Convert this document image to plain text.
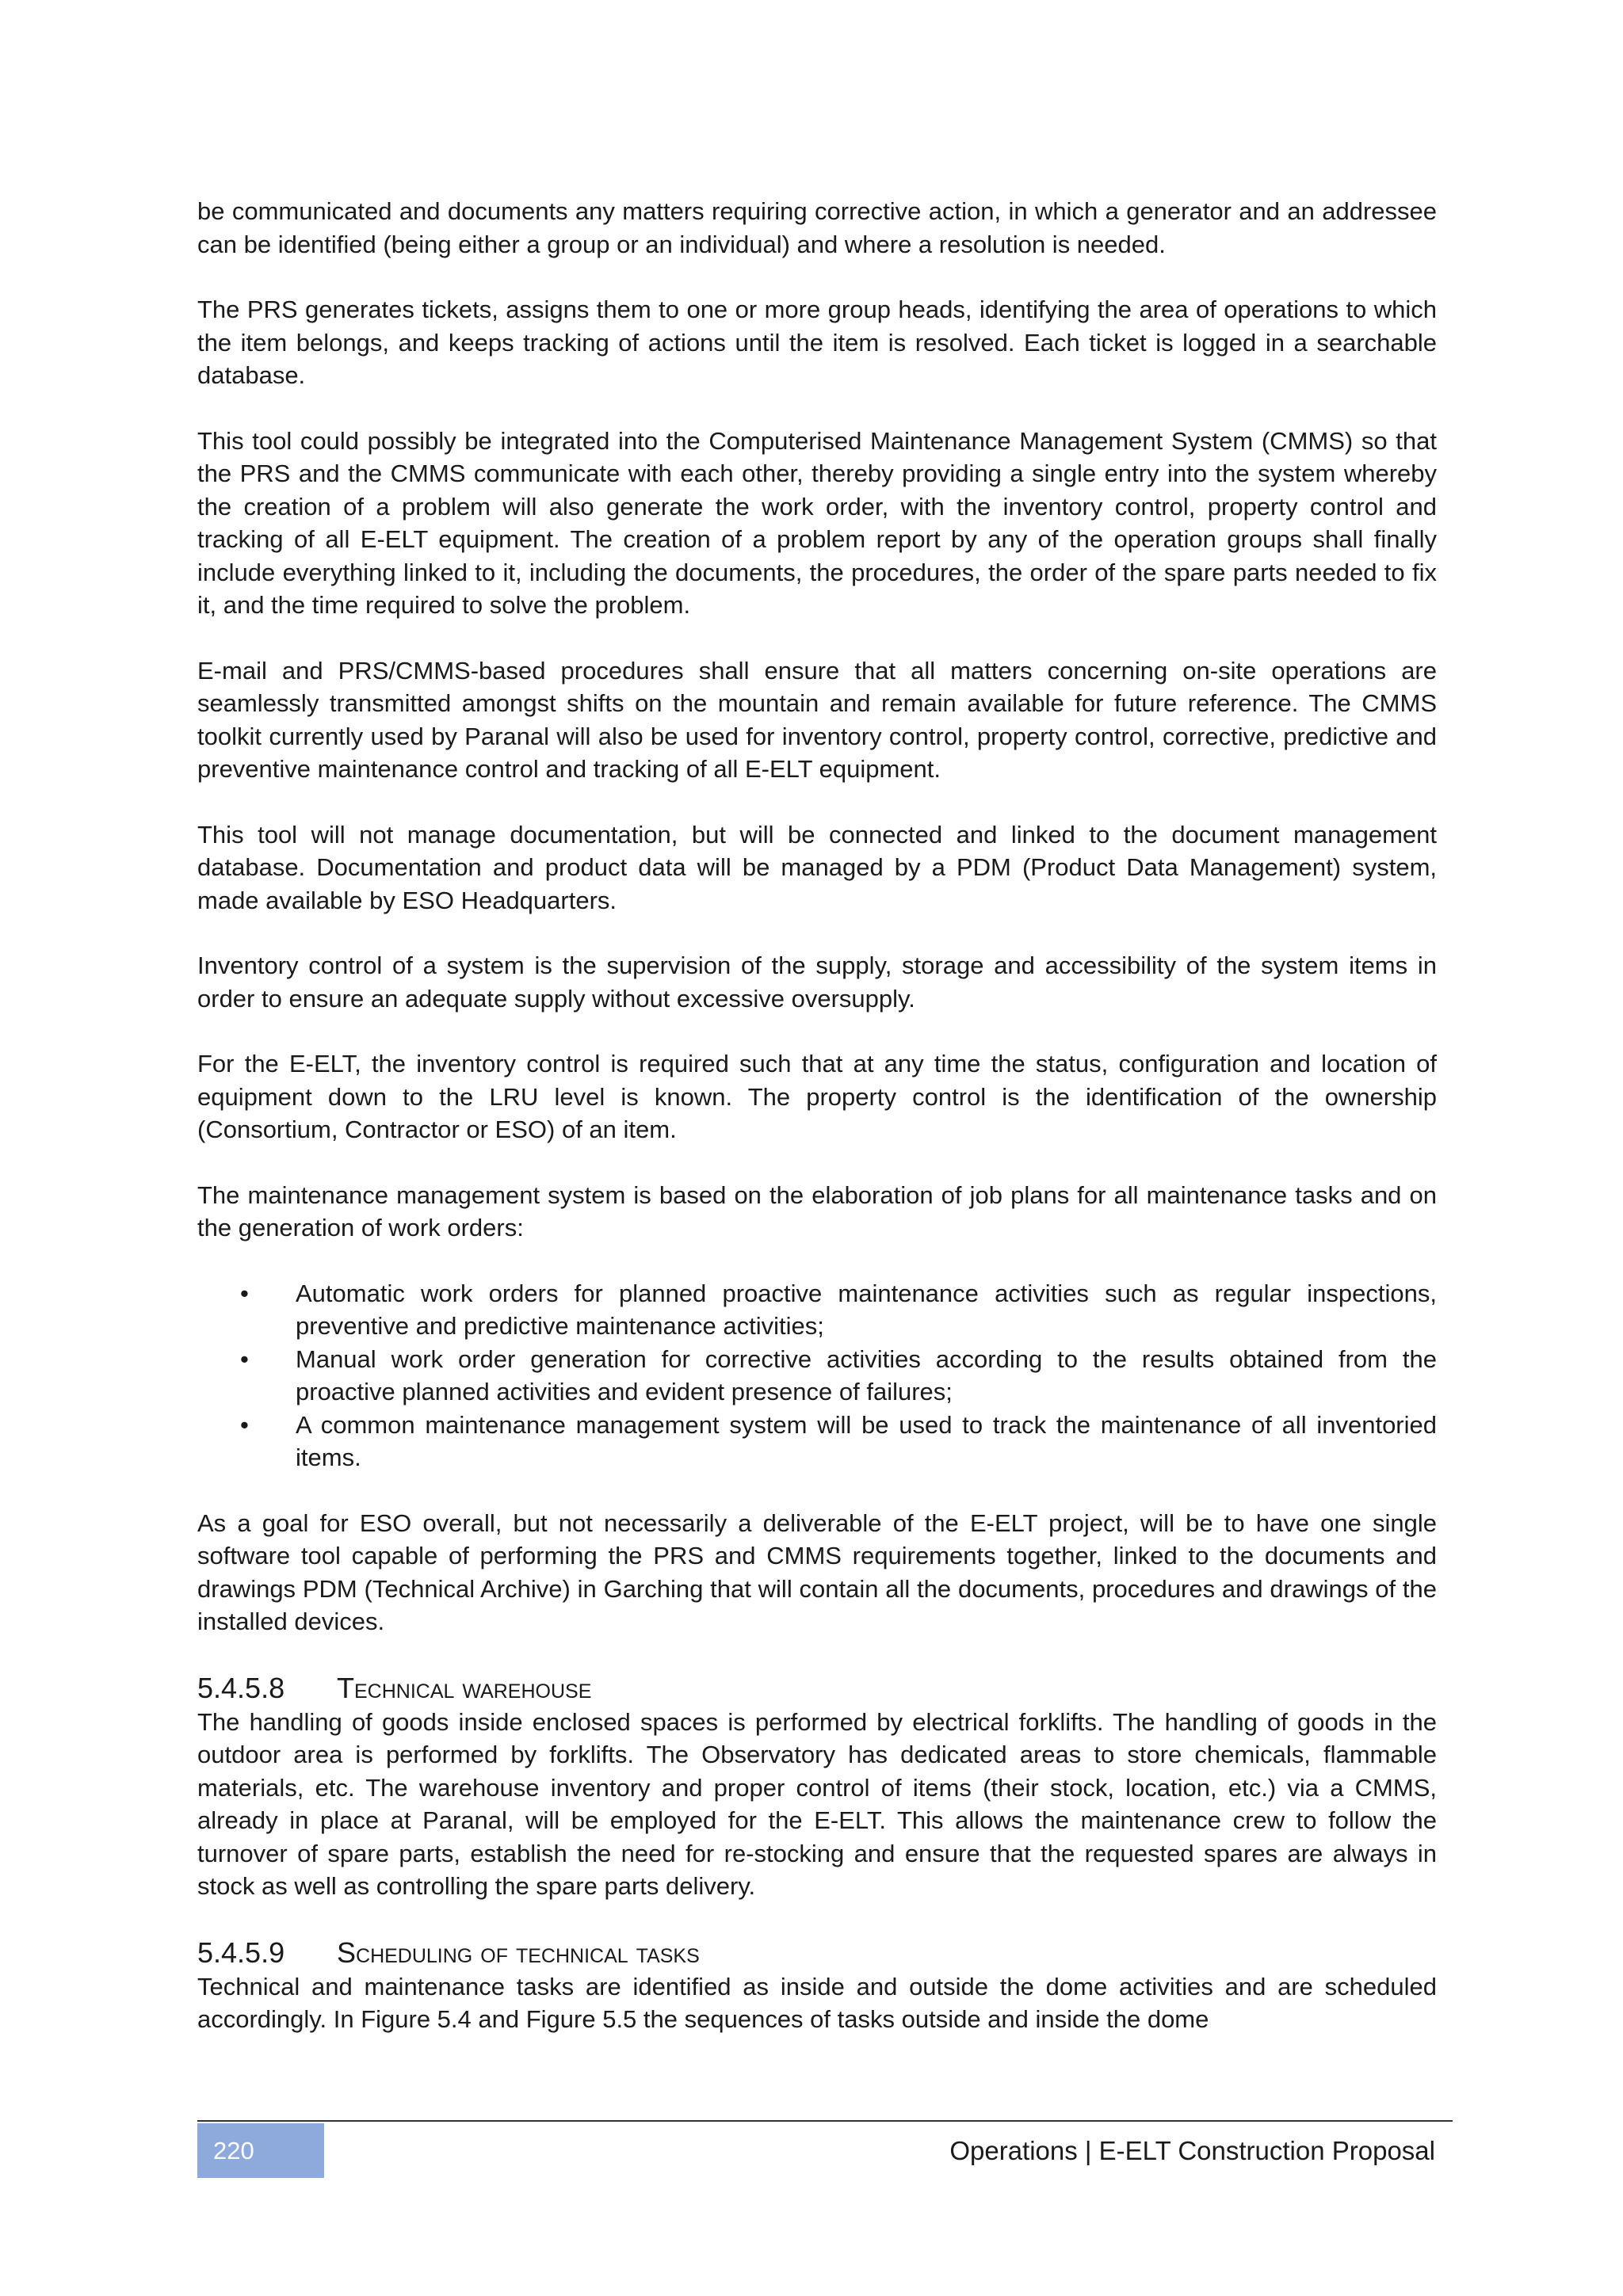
be communicated and documents any matters requiring corrective action, in which a generator and an addressee can be identified (being either a group or an individual) and where a resolution is needed.

The PRS generates tickets, assigns them to one or more group heads, identifying the area of operations to which the item belongs, and keeps tracking of actions until the item is resolved. Each ticket is logged in a searchable database.

This tool could possibly be integrated into the Computerised Maintenance Management System (CMMS) so that the PRS and the CMMS communicate with each other, thereby providing a single entry into the system whereby the creation of a problem will also generate the work order, with the inventory control, property control and tracking of all E-ELT equipment. The creation of a problem report by any of the operation groups shall finally include everything linked to it, including the documents, the procedures, the order of the spare parts needed to fix it, and the time required to solve the problem.

E-mail and PRS/CMMS-based procedures shall ensure that all matters concerning on-site operations are seamlessly transmitted amongst shifts on the mountain and remain available for future reference. The CMMS toolkit currently used by Paranal will also be used for inventory control, property control, corrective, predictive and preventive maintenance control and tracking of all E-ELT equipment.

This tool will not manage documentation, but will be connected and linked to the document management database. Documentation and product data will be managed by a PDM (Product Data Management) system, made available by ESO Headquarters.

Inventory control of a system is the supervision of the supply, storage and accessibility of the system items in order to ensure an adequate supply without excessive oversupply.

For the E-ELT, the inventory control is required such that at any time the status, configuration and location of equipment down to the LRU level is known. The property control is the identification of the ownership (Consortium, Contractor or ESO) of an item.

The maintenance management system is based on the elaboration of job plans for all maintenance tasks and on the generation of work orders:

• Automatic work orders for planned proactive maintenance activities such as regular inspections, preventive and predictive maintenance activities;
• Manual work order generation for corrective activities according to the results obtained from the proactive planned activities and evident presence of failures;
• A common maintenance management system will be used to track the maintenance of all inventoried items.

As a goal for ESO overall, but not necessarily a deliverable of the E-ELT project, will be to have one single software tool capable of performing the PRS and CMMS requirements together, linked to the documents and drawings PDM (Technical Archive) in Garching that will contain all the documents, procedures and drawings of the installed devices.

5.4.5.8 Technical warehouse

The handling of goods inside enclosed spaces is performed by electrical forklifts. The handling of goods in the outdoor area is performed by forklifts. The Observatory has dedicated areas to store chemicals, flammable materials, etc. The warehouse inventory and proper control of items (their stock, location, etc.) via a CMMS, already in place at Paranal, will be employed for the E-ELT. This allows the maintenance crew to follow the turnover of spare parts, establish the need for re-stocking and ensure that the requested spares are always in stock as well as controlling the spare parts delivery.

5.4.5.9 Scheduling of technical tasks

Technical and maintenance tasks are identified as inside and outside the dome activities and are scheduled accordingly. In Figure 5.4 and Figure 5.5 the sequences of tasks outside and inside the dome

220	Operations | E-ELT Construction Proposal
